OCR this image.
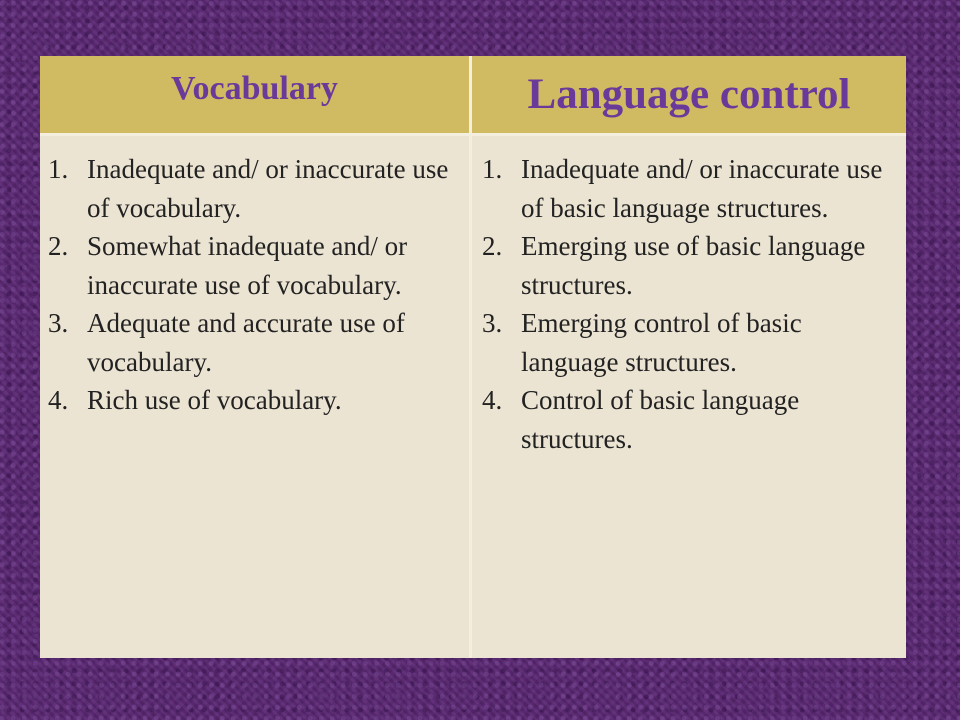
Vocabulary	Language control
1. Inadequate and/ or inaccurate use of vocabulary.
2. Somewhat inadequate and/ or inaccurate use of vocabulary.
3. Adequate and accurate use of vocabulary.
4. Rich use of vocabulary.
1. Inadequate and/ or inaccurate use of basic language structures.
2. Emerging use of basic language structures.
3. Emerging control of basic language structures.
4. Control of basic language structures.
